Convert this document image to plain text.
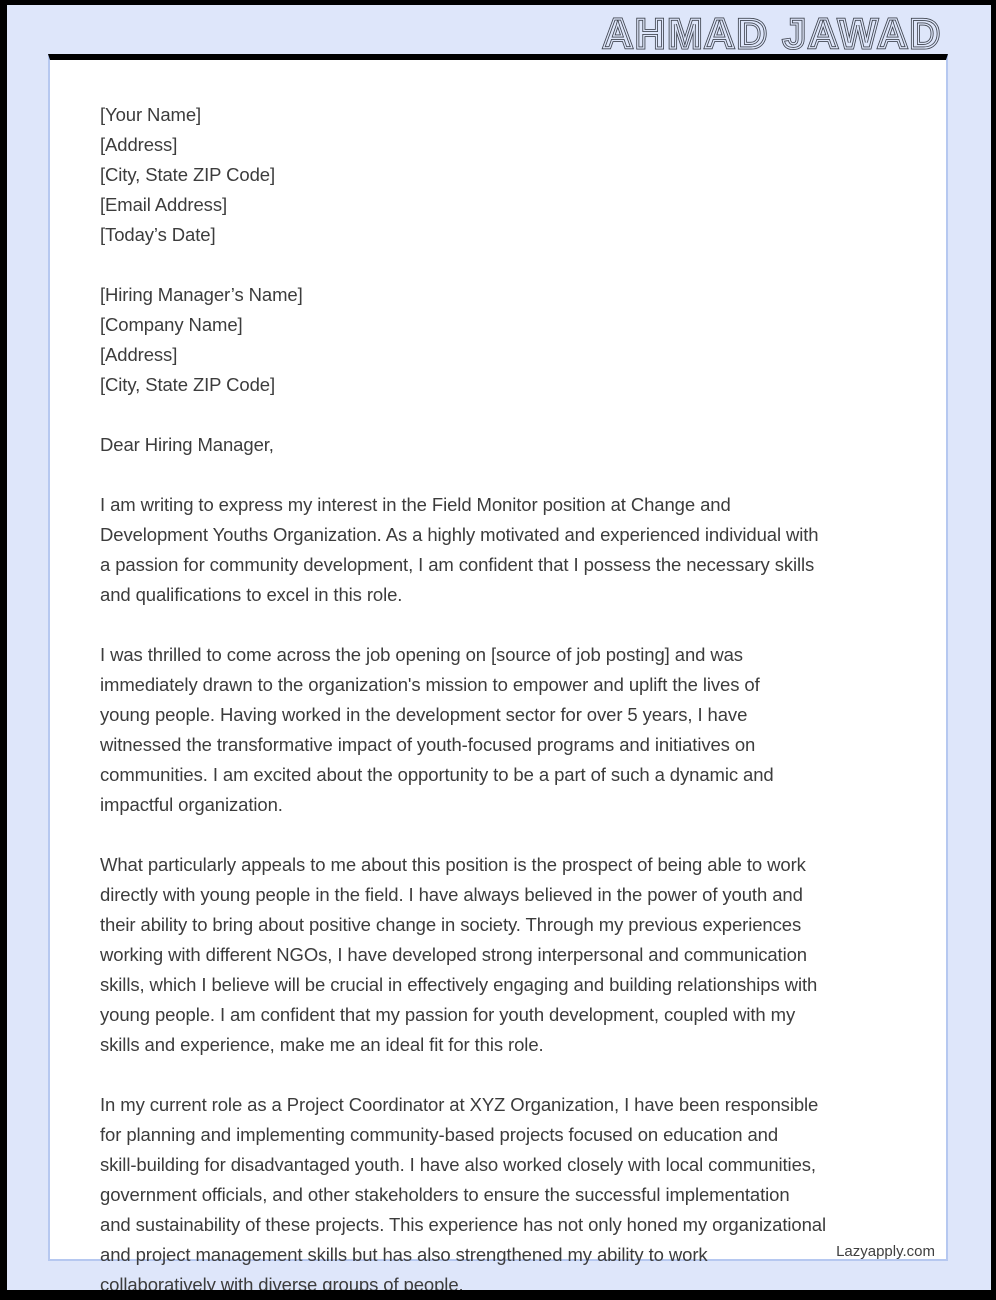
AHMAD JAWAD AHMAD JAWAD
[Your Name]
[Address]
[City, State ZIP Code]
[Email Address]
[Today’s Date]
[Hiring Manager’s Name]
[Company Name]
[Address]
[City, State ZIP Code]
Dear Hiring Manager,
I am writing to express my interest in the Field Monitor position at Change and
Development Youths Organization. As a highly motivated and experienced individual with
a passion for community development, I am confident that I possess the necessary skills
and qualifications to excel in this role.
I was thrilled to come across the job opening on [source of job posting] and was
immediately drawn to the organization's mission to empower and uplift the lives of
young people. Having worked in the development sector for over 5 years, I have
witnessed the transformative impact of youth-focused programs and initiatives on
communities. I am excited about the opportunity to be a part of such a dynamic and
impactful organization.
What particularly appeals to me about this position is the prospect of being able to work
directly with young people in the field. I have always believed in the power of youth and
their ability to bring about positive change in society. Through my previous experiences
working with different NGOs, I have developed strong interpersonal and communication
skills, which I believe will be crucial in effectively engaging and building relationships with
young people. I am confident that my passion for youth development, coupled with my
skills and experience, make me an ideal fit for this role.
In my current role as a Project Coordinator at XYZ Organization, I have been responsible
for planning and implementing community-based projects focused on education and
skill-building for disadvantaged youth. I have also worked closely with local communities,
government officials, and other stakeholders to ensure the successful implementation
and sustainability of these projects. This experience has not only honed my organizational
and project management skills but has also strengthened my ability to work
collaboratively with diverse groups of people.
Lazyapply.com
